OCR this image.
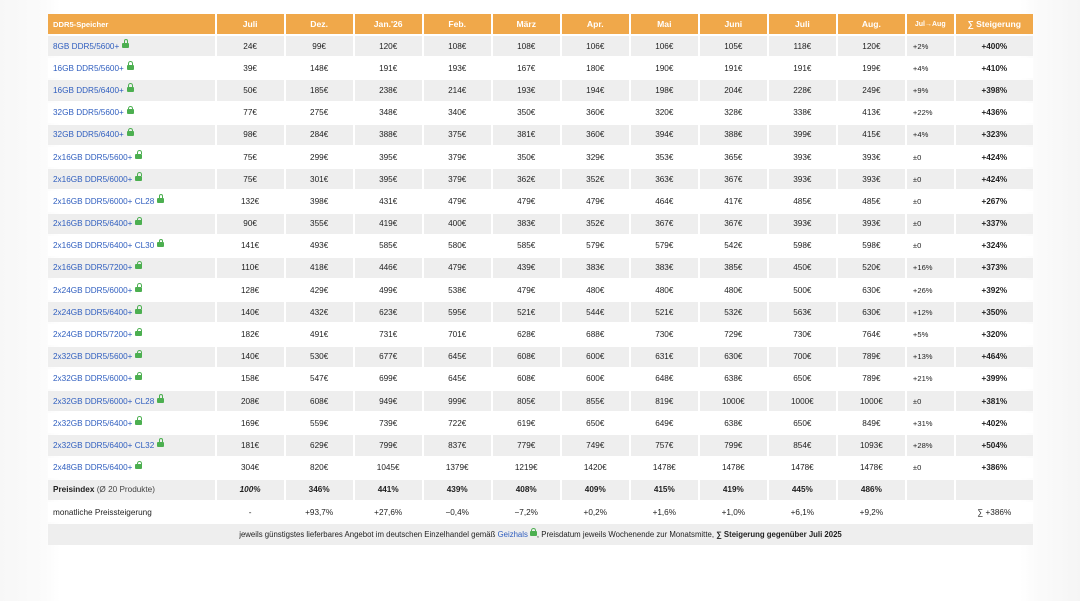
DDR5-Speicher	Juli	Dez.	Jan.'26	Feb.	März	Apr.	Mai	Juni	Juli	Aug.	Jul→Aug	∑ Steigerung
8GB DDR5/5600+	24€	99€	120€	108€	108€	106€	106€	105€	118€	120€	+2%	+400%
16GB DDR5/5600+	39€	148€	191€	193€	167€	180€	190€	191€	191€	199€	+4%	+410%
16GB DDR5/6400+	50€	185€	238€	214€	193€	194€	198€	204€	228€	249€	+9%	+398%
32GB DDR5/5600+	77€	275€	348€	340€	350€	360€	320€	328€	338€	413€	+22%	+436%
32GB DDR5/6400+	98€	284€	388€	375€	381€	360€	394€	388€	399€	415€	+4%	+323%
2x16GB DDR5/5600+	75€	299€	395€	379€	350€	329€	353€	365€	393€	393€	±0	+424%
2x16GB DDR5/6000+	75€	301€	395€	379€	362€	352€	363€	367€	393€	393€	±0	+424%
2x16GB DDR5/6000+ CL28	132€	398€	431€	479€	479€	479€	464€	417€	485€	485€	±0	+267%
2x16GB DDR5/6400+	90€	355€	419€	400€	383€	352€	367€	367€	393€	393€	±0	+337%
2x16GB DDR5/6400+ CL30	141€	493€	585€	580€	585€	579€	579€	542€	598€	598€	±0	+324%
2x16GB DDR5/7200+	110€	418€	446€	479€	439€	383€	383€	385€	450€	520€	+16%	+373%
2x24GB DDR5/6000+	128€	429€	499€	538€	479€	480€	480€	480€	500€	630€	+26%	+392%
2x24GB DDR5/6400+	140€	432€	623€	595€	521€	544€	521€	532€	563€	630€	+12%	+350%
2x24GB DDR5/7200+	182€	491€	731€	701€	628€	688€	730€	729€	730€	764€	+5%	+320%
2x32GB DDR5/5600+	140€	530€	677€	645€	608€	600€	631€	630€	700€	789€	+13%	+464%
2x32GB DDR5/6000+	158€	547€	699€	645€	608€	600€	648€	638€	650€	789€	+21%	+399%
2x32GB DDR5/6000+ CL28	208€	608€	949€	999€	805€	855€	819€	1000€	1000€	1000€	±0	+381%
2x32GB DDR5/6400+	169€	559€	739€	722€	619€	650€	649€	638€	650€	849€	+31%	+402%
2x32GB DDR5/6400+ CL32	181€	629€	799€	837€	779€	749€	757€	799€	854€	1093€	+28%	+504%
2x48GB DDR5/6400+	304€	820€	1045€	1379€	1219€	1420€	1478€	1478€	1478€	1478€	±0	+386%
Preisindex (Ø 20 Produkte)	100%	346%	441%	439%	408%	409%	415%	419%	445%	486%		
monatliche Preissteigerung	-	+93,7%	+27,6%	−0,4%	−7,2%	+0,2%	+1,6%	+1,0%	+6,1%	+9,2%		∑ +386%
jeweils günstigstes lieferbares Angebot im deutschen Einzelhandel gemäß Geizhals , Preisdatum jeweils Wochenende zur Monatsmitte, ∑ Steigerung gegenüber Juli 2025												
